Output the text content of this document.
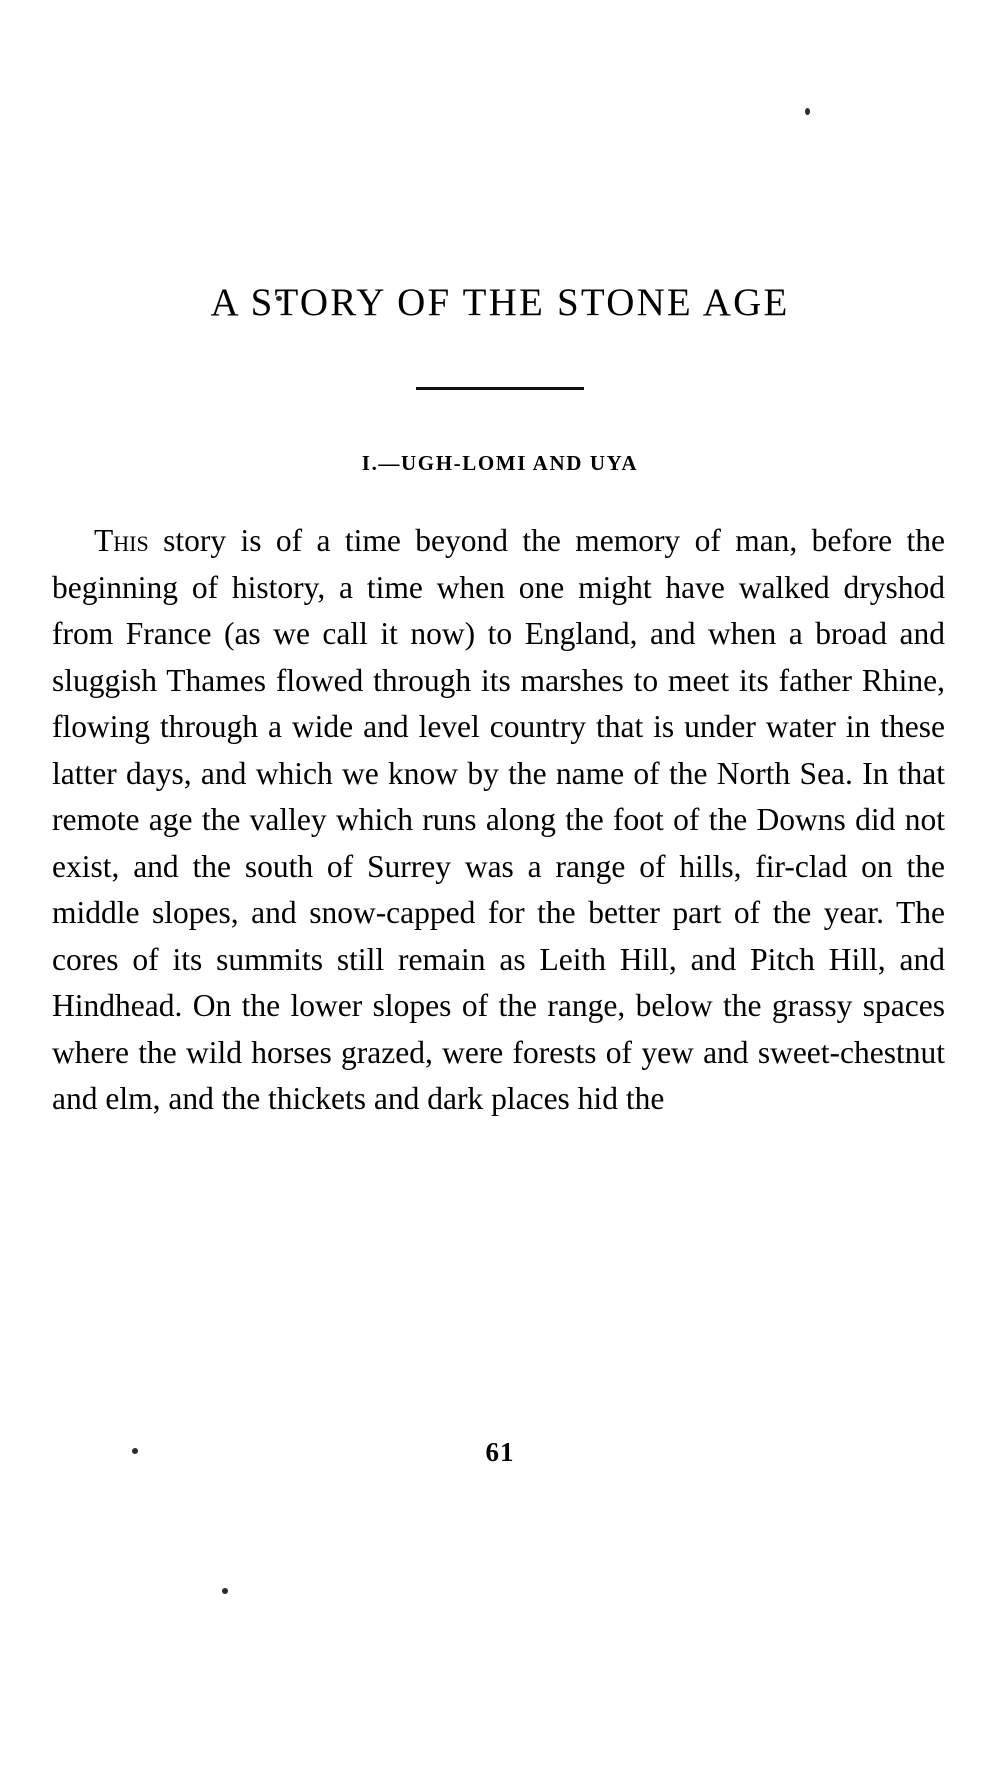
A STORY OF THE STONE AGE
I.—UGH-LOMI AND UYA

This story is of a time beyond the memory of man, before the beginning of history, a time when one might have walked dryshod from France (as we call it now) to England, and when a broad and sluggish Thames flowed through its marshes to meet its father Rhine, flowing through a wide and level country that is under water in these latter days, and which we know by the name of the North Sea. In that remote age the valley which runs along the foot of the Downs did not exist, and the south of Surrey was a range of hills, fir-clad on the middle slopes, and snow-capped for the better part of the year. The cores of its summits still remain as Leith Hill, and Pitch Hill, and Hindhead. On the lower slopes of the range, below the grassy spaces where the wild horses grazed, were forests of yew and sweet-chestnut and elm, and the thickets and dark places hid the

61
